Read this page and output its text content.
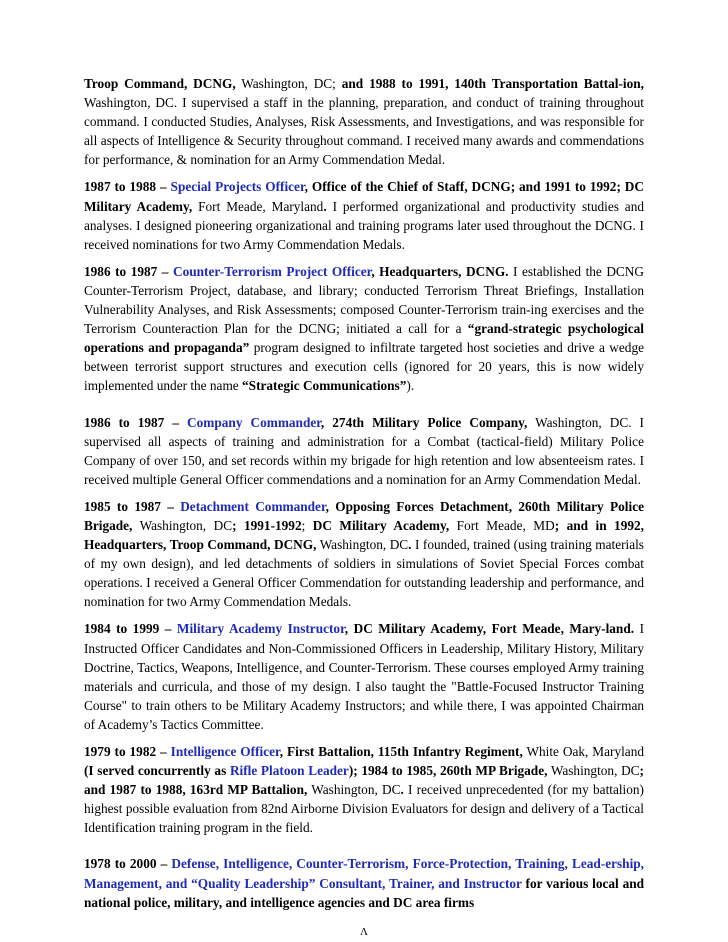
Troop Command, DCNG, Washington, DC; and 1988 to 1991, 140th Transportation Battal-ion, Washington, DC. I supervised a staff in the planning, preparation, and conduct of training throughout command. I conducted Studies, Analyses, Risk Assessments, and Investigations, and was responsible for all aspects of Intelligence & Security throughout command. I received many awards and commendations for performance, & nomination for an Army Commendation Medal.

1987 to 1988 – Special Projects Officer, Office of the Chief of Staff, DCNG; and 1991 to 1992; DC Military Academy, Fort Meade, Maryland. I performed organizational and productivity studies and analyses. I designed pioneering organizational and training programs later used throughout the DCNG. I received nominations for two Army Commendation Medals.

1986 to 1987 – Counter-Terrorism Project Officer, Headquarters, DCNG. I established the DCNG Counter-Terrorism Project, database, and library; conducted Terrorism Threat Briefings, Installation Vulnerability Analyses, and Risk Assessments; composed Counter-Terrorism train-ing exercises and the Terrorism Counteraction Plan for the DCNG; initiated a call for a “grand-strategic psychological operations and propaganda” program designed to infiltrate targeted host societies and drive a wedge between terrorist support structures and execution cells (ignored for 20 years, this is now widely implemented under the name “Strategic Communications”).

1986 to 1987 – Company Commander, 274th Military Police Company, Washington, DC. I supervised all aspects of training and administration for a Combat (tactical-field) Military Police Company of over 150, and set records within my brigade for high retention and low absenteeism rates. I received multiple General Officer commendations and a nomination for an Army Commendation Medal.

1985 to 1987 – Detachment Commander, Opposing Forces Detachment, 260th Military Police Brigade, Washington, DC; 1991-1992; DC Military Academy, Fort Meade, MD; and in 1992, Headquarters, Troop Command, DCNG, Washington, DC. I founded, trained (using training materials of my own design), and led detachments of soldiers in simulations of Soviet Special Forces combat operations. I received a General Officer Commendation for outstanding leadership and performance, and nomination for two Army Commendation Medals.

1984 to 1999 – Military Academy Instructor, DC Military Academy, Fort Meade, Mary-land. I Instructed Officer Candidates and Non-Commissioned Officers in Leadership, Military History, Military Doctrine, Tactics, Weapons, Intelligence, and Counter-Terrorism. These courses employed Army training materials and curricula, and those of my design. I also taught the "Battle-Focused Instructor Training Course" to train others to be Military Academy Instructors; and while there, I was appointed Chairman of Academy’s Tactics Committee.

1979 to 1982 – Intelligence Officer, First Battalion, 115th Infantry Regiment, White Oak, Maryland (I served concurrently as Rifle Platoon Leader); 1984 to 1985, 260th MP Brigade, Washington, DC; and 1987 to 1988, 163rd MP Battalion, Washington, DC. I received unprecedented (for my battalion) highest possible evaluation from 82nd Airborne Division Evaluators for design and delivery of a Tactical Identification training program in the field.

1978 to 2000 – Defense, Intelligence, Counter-Terrorism, Force-Protection, Training, Lead-ership, Management, and “Quality Leadership” Consultant, Trainer, and Instructor for various local and national police, military, and intelligence agencies and DC area firms

Ʌ
